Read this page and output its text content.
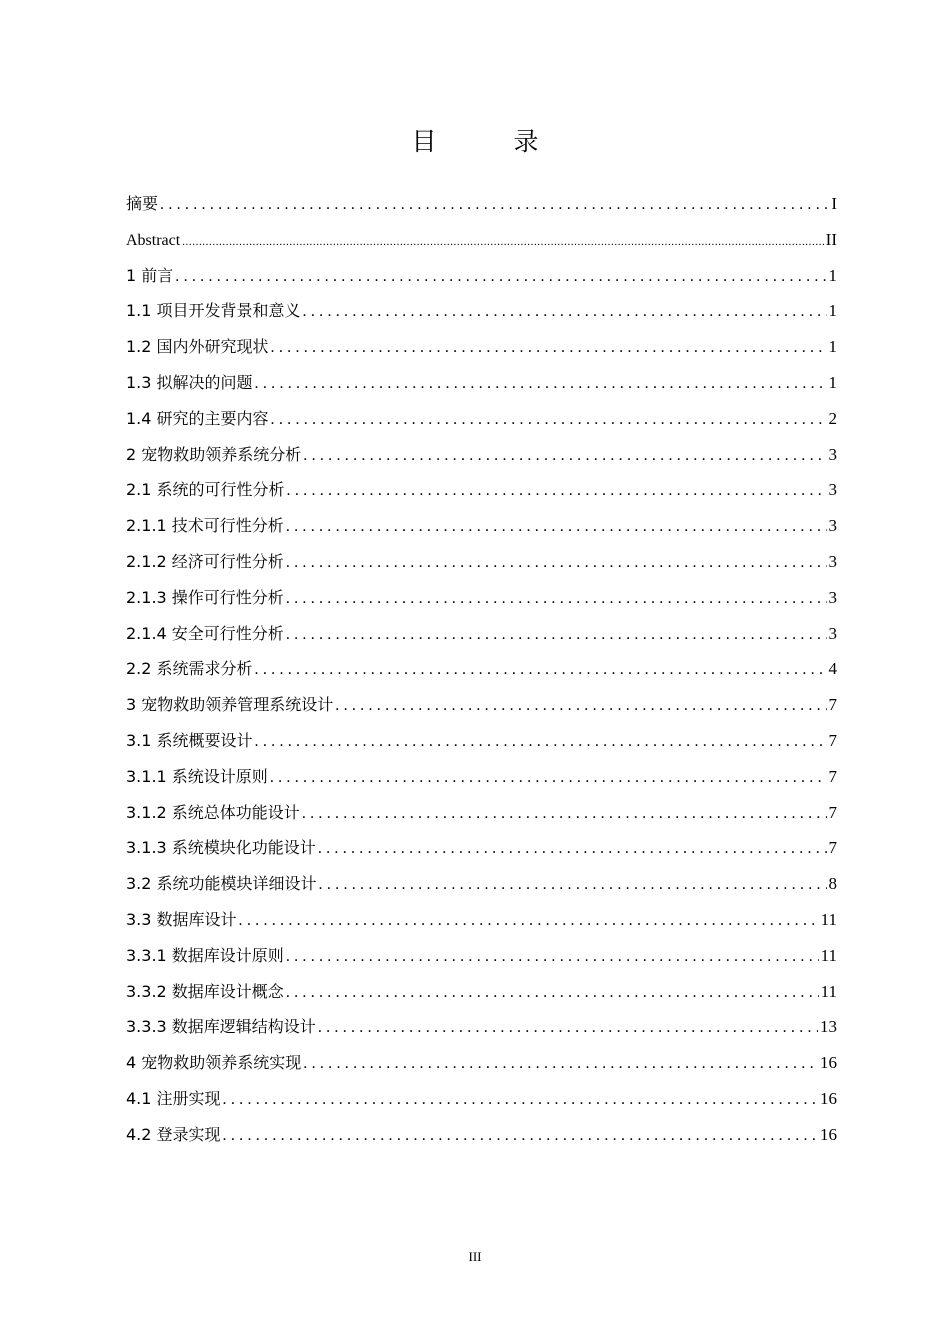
目　录
摘要 .....	I
Abstract .....	II
1 前言 .....	1
1.1 项目开发背景和意义 .....	1
1.2 国内外研究现状 .....	1
1.3 拟解决的问题 .....	1
1.4 研究的主要内容 .....	2
2 宠物救助领养系统分析 .....	3
2.1 系统的可行性分析 .....	3
2.1.1 技术可行性分析 .....	3
2.1.2 经济可行性分析 .....	3
2.1.3 操作可行性分析 .....	3
2.1.4 安全可行性分析 .....	3
2.2 系统需求分析 .....	4
3 宠物救助领养管理系统设计 .....	7
3.1 系统概要设计 .....	7
3.1.1 系统设计原则 .....	7
3.1.2 系统总体功能设计 .....	7
3.1.3 系统模块化功能设计 .....	7
3.2 系统功能模块详细设计 .....	8
3.3 数据库设计 .....	11
3.3.1 数据库设计原则 .....	11
3.3.2 数据库设计概念 .....	11
3.3.3 数据库逻辑结构设计 .....	13
4 宠物救助领养系统实现 .....	16
4.1 注册实现 .....	16
4.2 登录实现 .....	16
III
